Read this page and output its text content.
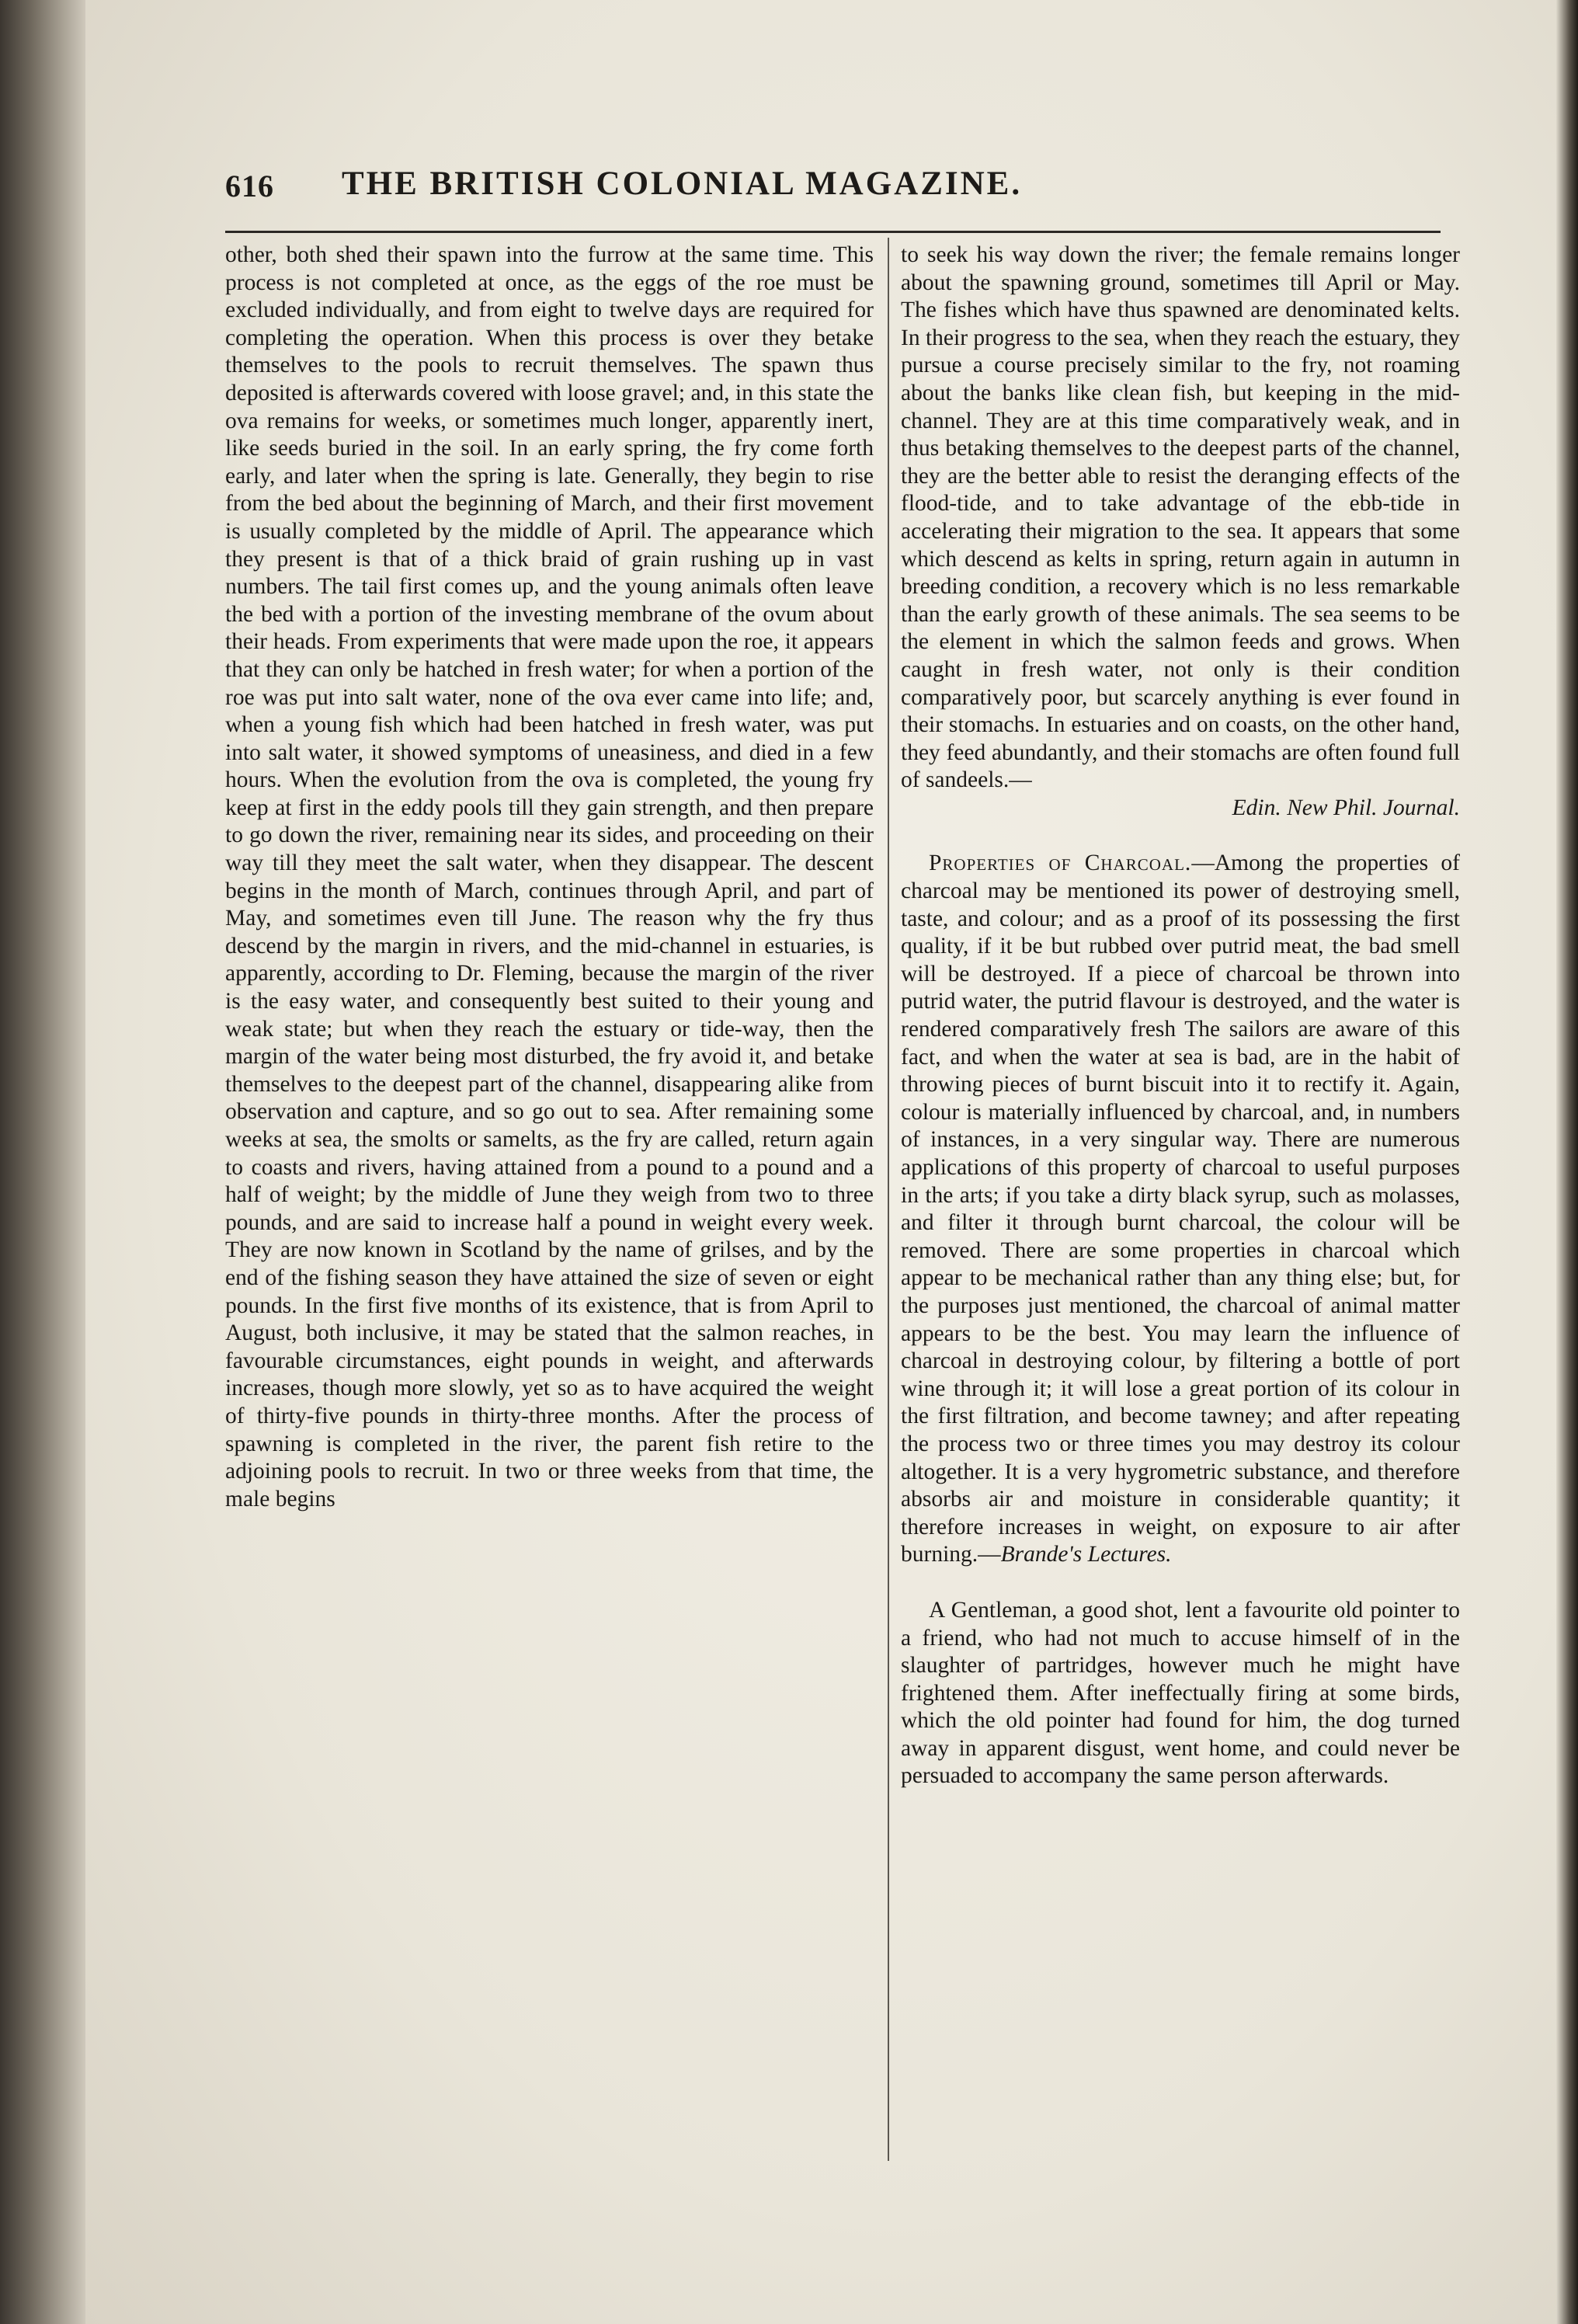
616 THE BRITISH COLONIAL MAGAZINE.

other, both shed their spawn into the furrow at the same time. This process is not completed at once, as the eggs of the roe must be excluded individually, and from eight to twelve days are required for completing the operation. When this process is over they betake themselves to the pools to recruit themselves. The spawn thus deposited is afterwards covered with loose gravel; and, in this state the ova remains for weeks, or sometimes much longer, apparently inert, like seeds buried in the soil. In an early spring, the fry come forth early, and later when the spring is late. Generally, they begin to rise from the bed about the beginning of March, and their first movement is usually completed by the middle of April. The appearance which they present is that of a thick braid of grain rushing up in vast numbers. The tail first comes up, and the young animals often leave the bed with a portion of the investing membrane of the ovum about their heads. From experiments that were made upon the roe, it appears that they can only be hatched in fresh water; for when a portion of the roe was put into salt water, none of the ova ever came into life; and, when a young fish which had been hatched in fresh water, was put into salt water, it showed symptoms of uneasiness, and died in a few hours. When the evolution from the ova is completed, the young fry keep at first in the eddy pools till they gain strength, and then prepare to go down the river, remaining near its sides, and proceeding on their way till they meet the salt water, when they disappear. The descent begins in the month of March, continues through April, and part of May, and sometimes even till June. The reason why the fry thus descend by the margin in rivers, and the mid-channel in estuaries, is apparently, according to Dr. Fleming, because the margin of the river is the easy water, and consequently best suited to their young and weak state; but when they reach the estuary or tide-way, then the margin of the water being most disturbed, the fry avoid it, and betake themselves to the deepest part of the channel, disappearing alike from observation and capture, and so go out to sea. After remaining some weeks at sea, the smolts or samelts, as the fry are called, return again to coasts and rivers, having attained from a pound to a pound and a half of weight; by the middle of June they weigh from two to three pounds, and are said to increase half a pound in weight every week. They are now known in Scotland by the name of grilses, and by the end of the fishing season they have attained the size of seven or eight pounds. In the first five months of its existence, that is from April to August, both inclusive, it may be stated that the salmon reaches, in favourable circumstances, eight pounds in weight, and afterwards increases, though more slowly, yet so as to have acquired the weight of thirty-five pounds in thirty-three months. After the process of spawning is completed in the river, the parent fish retire to the adjoining pools to recruit. In two or three weeks from that time, the male begins

to seek his way down the river; the female remains longer about the spawning ground, sometimes till April or May. The fishes which have thus spawned are denominated kelts. In their progress to the sea, when they reach the estuary, they pursue a course precisely similar to the fry, not roaming about the banks like clean fish, but keeping in the mid-channel. They are at this time comparatively weak, and in thus betaking themselves to the deepest parts of the channel, they are the better able to resist the deranging effects of the flood-tide, and to take advantage of the ebb-tide in accelerating their migration to the sea. It appears that some which descend as kelts in spring, return again in autumn in breeding condition, a recovery which is no less remarkable than the early growth of these animals. The sea seems to be the element in which the salmon feeds and grows. When caught in fresh water, not only is their condition comparatively poor, but scarcely anything is ever found in their stomachs. In estuaries and on coasts, on the other hand, they feed abundantly, and their stomachs are often found full of sandeels.—

Edin. New Phil. Journal.

Properties of Charcoal.—Among the properties of charcoal may be mentioned its power of destroying smell, taste, and colour; and as a proof of its possessing the first quality, if it be but rubbed over putrid meat, the bad smell will be destroyed. If a piece of charcoal be thrown into putrid water, the putrid flavour is destroyed, and the water is rendered comparatively fresh The sailors are aware of this fact, and when the water at sea is bad, are in the habit of throwing pieces of burnt biscuit into it to rectify it. Again, colour is materially influenced by charcoal, and, in numbers of instances, in a very singular way. There are numerous applications of this property of charcoal to useful purposes in the arts; if you take a dirty black syrup, such as molasses, and filter it through burnt charcoal, the colour will be removed. There are some properties in charcoal which appear to be mechanical rather than any thing else; but, for the purposes just mentioned, the charcoal of animal matter appears to be the best. You may learn the influence of charcoal in destroying colour, by filtering a bottle of port wine through it; it will lose a great portion of its colour in the first filtration, and become tawney; and after repeating the process two or three times you may destroy its colour altogether. It is a very hygrometric substance, and therefore absorbs air and moisture in considerable quantity; it therefore increases in weight, on exposure to air after burning.—Brande's Lectures.

A Gentleman, a good shot, lent a favourite old pointer to a friend, who had not much to accuse himself of in the slaughter of partridges, however much he might have frightened them. After ineffectually firing at some birds, which the old pointer had found for him, the dog turned away in apparent disgust, went home, and could never be persuaded to accompany the same person afterwards.
